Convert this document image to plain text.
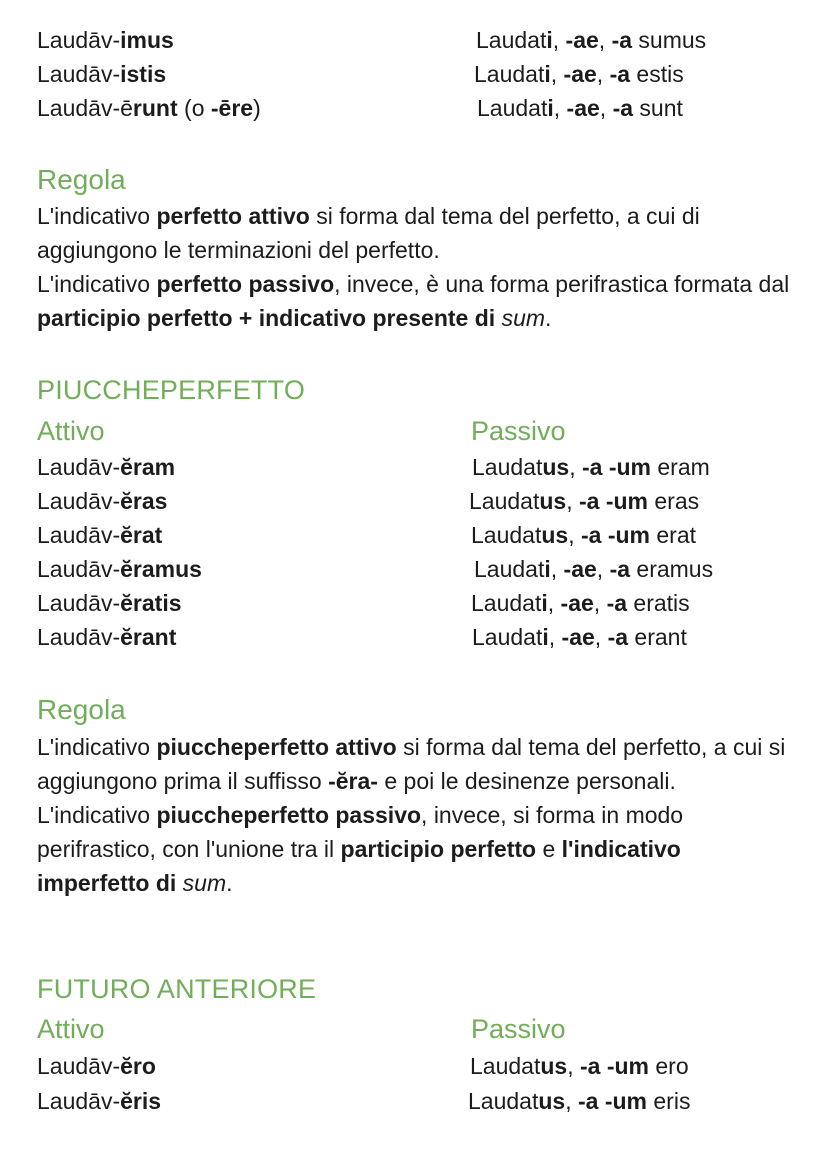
Laudāv-imus
Laudāv-istis
Laudāv-ērunt (o -ēre)
Laudati, -ae, -a sumus
Laudati, -ae, -a estis
Laudati, -ae, -a sunt
Regola
L'indicativo perfetto attivo si forma dal tema del perfetto, a cui di aggiungono le terminazioni del perfetto.
L'indicativo perfetto passivo, invece, è una forma perifrastica formata dal participio perfetto + indicativo presente di sum.
PIUCCHEPERFETTO
Attivo	Passivo
Laudāv-ĕram
Laudāv-ĕras
Laudāv-ĕrat
Laudāv-ĕramus
Laudāv-ĕratis
Laudāv-ĕrant
Laudatus, -a -um eram
Laudatus, -a -um eras
Laudatus, -a -um erat
Laudati, -ae, -a eramus
Laudati, -ae, -a eratis
Laudati, -ae, -a erant
Regola
L'indicativo piuccheperfetto attivo si forma dal tema del perfetto, a cui si aggiungono prima il suffisso -ĕra- e poi le desinenze personali.
L'indicativo piuccheperfetto passivo, invece, si forma in modo perifrastico, con l'unione tra il participio perfetto e l'indicativo imperfetto di sum.
FUTURO ANTERIORE
Attivo	Passivo
Laudāv-ĕro
Laudāv-ĕris
Laudatus, -a -um ero
Laudatus, -a -um eris
